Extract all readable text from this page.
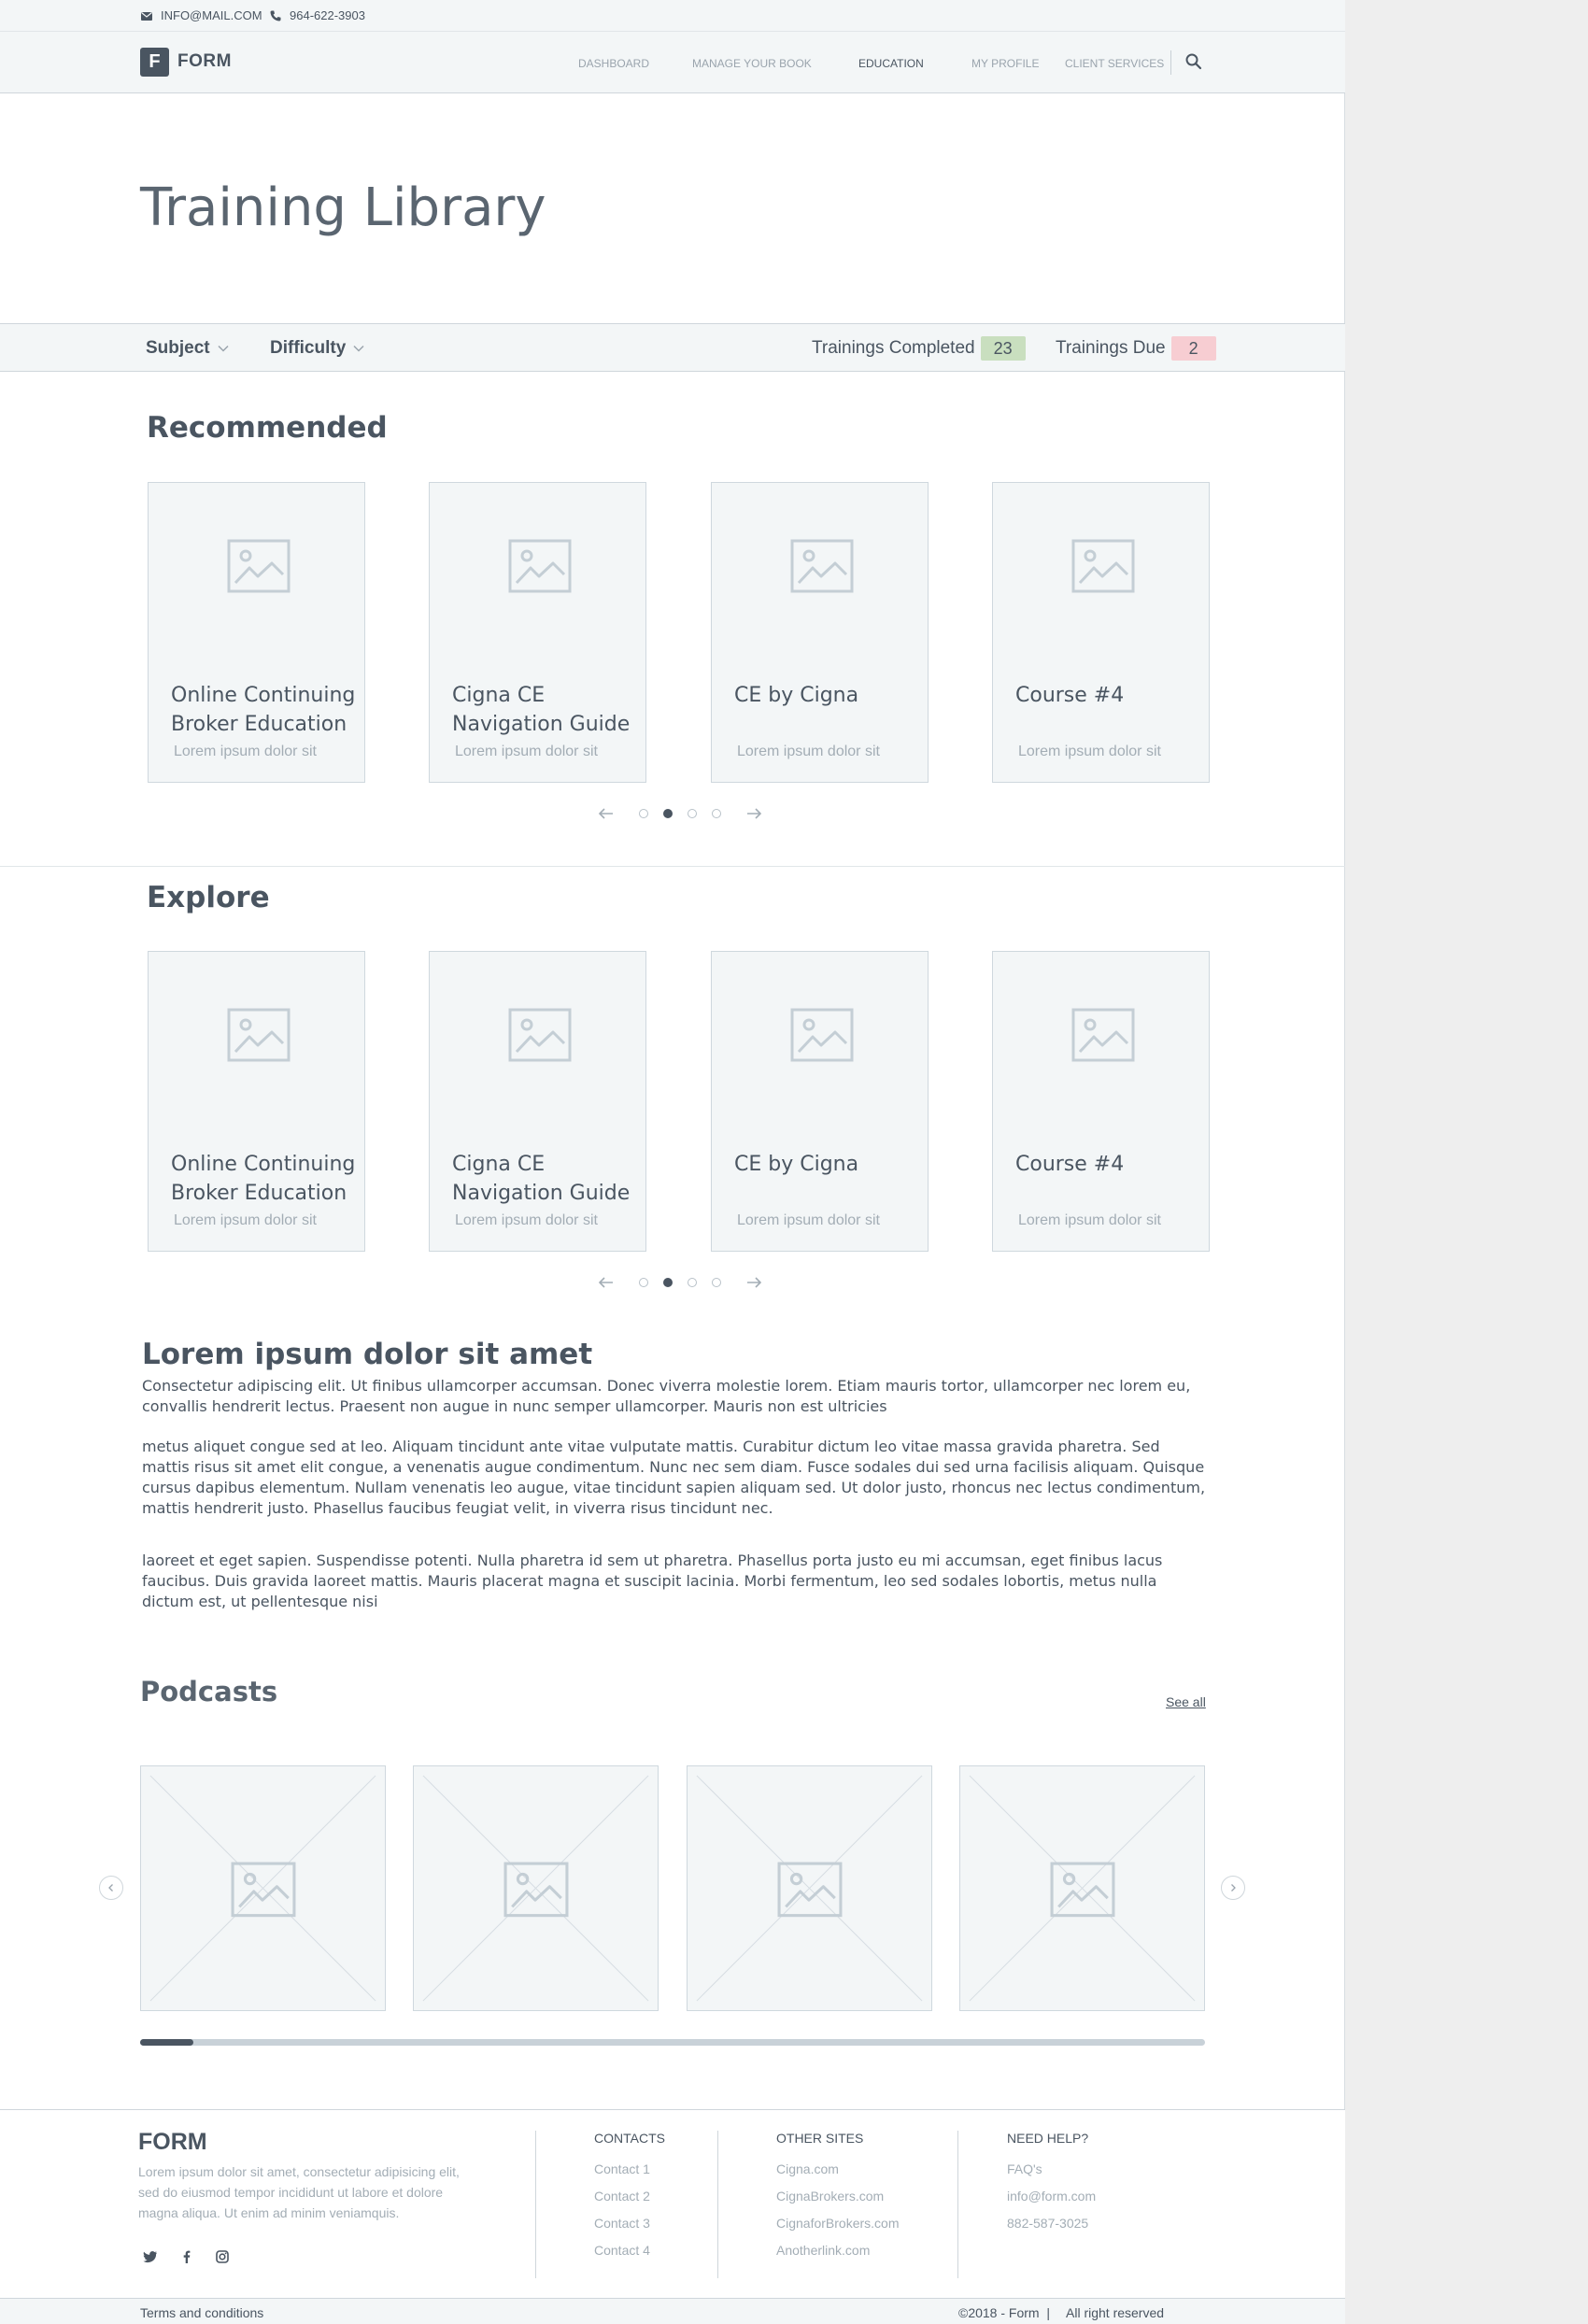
INFO@MAIL.COM 964-622-3903
F FORM	DASHBOARD	MANAGE YOUR BOOK	EDUCATION	MY PROFILE CLIENT SERVICES
Training Library
Subject	Difficulty	Trainings Completed	23	Trainings Due	2
Recommended
Online Continuing Broker Education
Lorem ipsum dolor sit
Cigna CE Navigation Guide
Lorem ipsum dolor sit
CE by Cigna
Lorem ipsum dolor sit
Course #4
Lorem ipsum dolor sit
Explore
Online Continuing Broker Education
Lorem ipsum dolor sit
Cigna CE Navigation Guide
Lorem ipsum dolor sit
CE by Cigna
Lorem ipsum dolor sit
Course #4
Lorem ipsum dolor sit
Lorem ipsum dolor sit amet

Consectetur adipiscing elit. Ut finibus ullamcorper accumsan. Donec viverra molestie lorem. Etiam mauris tortor, ullamcorper nec lorem eu, convallis hendrerit lectus. Praesent non augue in nunc semper ullamcorper. Mauris non est ultricies

metus aliquet congue sed at leo. Aliquam tincidunt ante vitae vulputate mattis. Curabitur dictum leo vitae massa gravida pharetra. Sed mattis risus sit amet elit congue, a venenatis augue condimentum. Nunc nec sem diam. Fusce sodales dui sed urna facilisis aliquam. Quisque cursus dapibus elementum. Nullam venenatis leo augue, vitae tincidunt sapien aliquam sed. Ut dolor justo, rhoncus nec lectus condimentum, mattis hendrerit justo. Phasellus faucibus feugiat velit, in viverra risus tincidunt nec.

laoreet et eget sapien. Suspendisse potenti. Nulla pharetra id sem ut pharetra. Phasellus porta justo eu mi accumsan, eget finibus lacus faucibus. Duis gravida laoreet mattis. Mauris placerat magna et suscipit lacinia. Morbi fermentum, leo sed sodales lobortis, metus nulla dictum est, ut pellentesque nisi

Podcasts	See all
FORM

Lorem ipsum dolor sit amet, consectetur adipisicing elit, sed do eiusmod tempor incididunt ut labore et dolore magna aliqua. Ut enim ad minim veniamquis.

CONTACTS	OTHER SITES	NEED HELP?
Contact 1
Contact 2
Contact 3
Contact 4
Cigna.com
CignaBrokers.com
CignaforBrokers.com
Anotherlink.com
FAQ's
info@form.com
882-587-3025
Terms and conditions	©2018 - Form  | All right reserved
